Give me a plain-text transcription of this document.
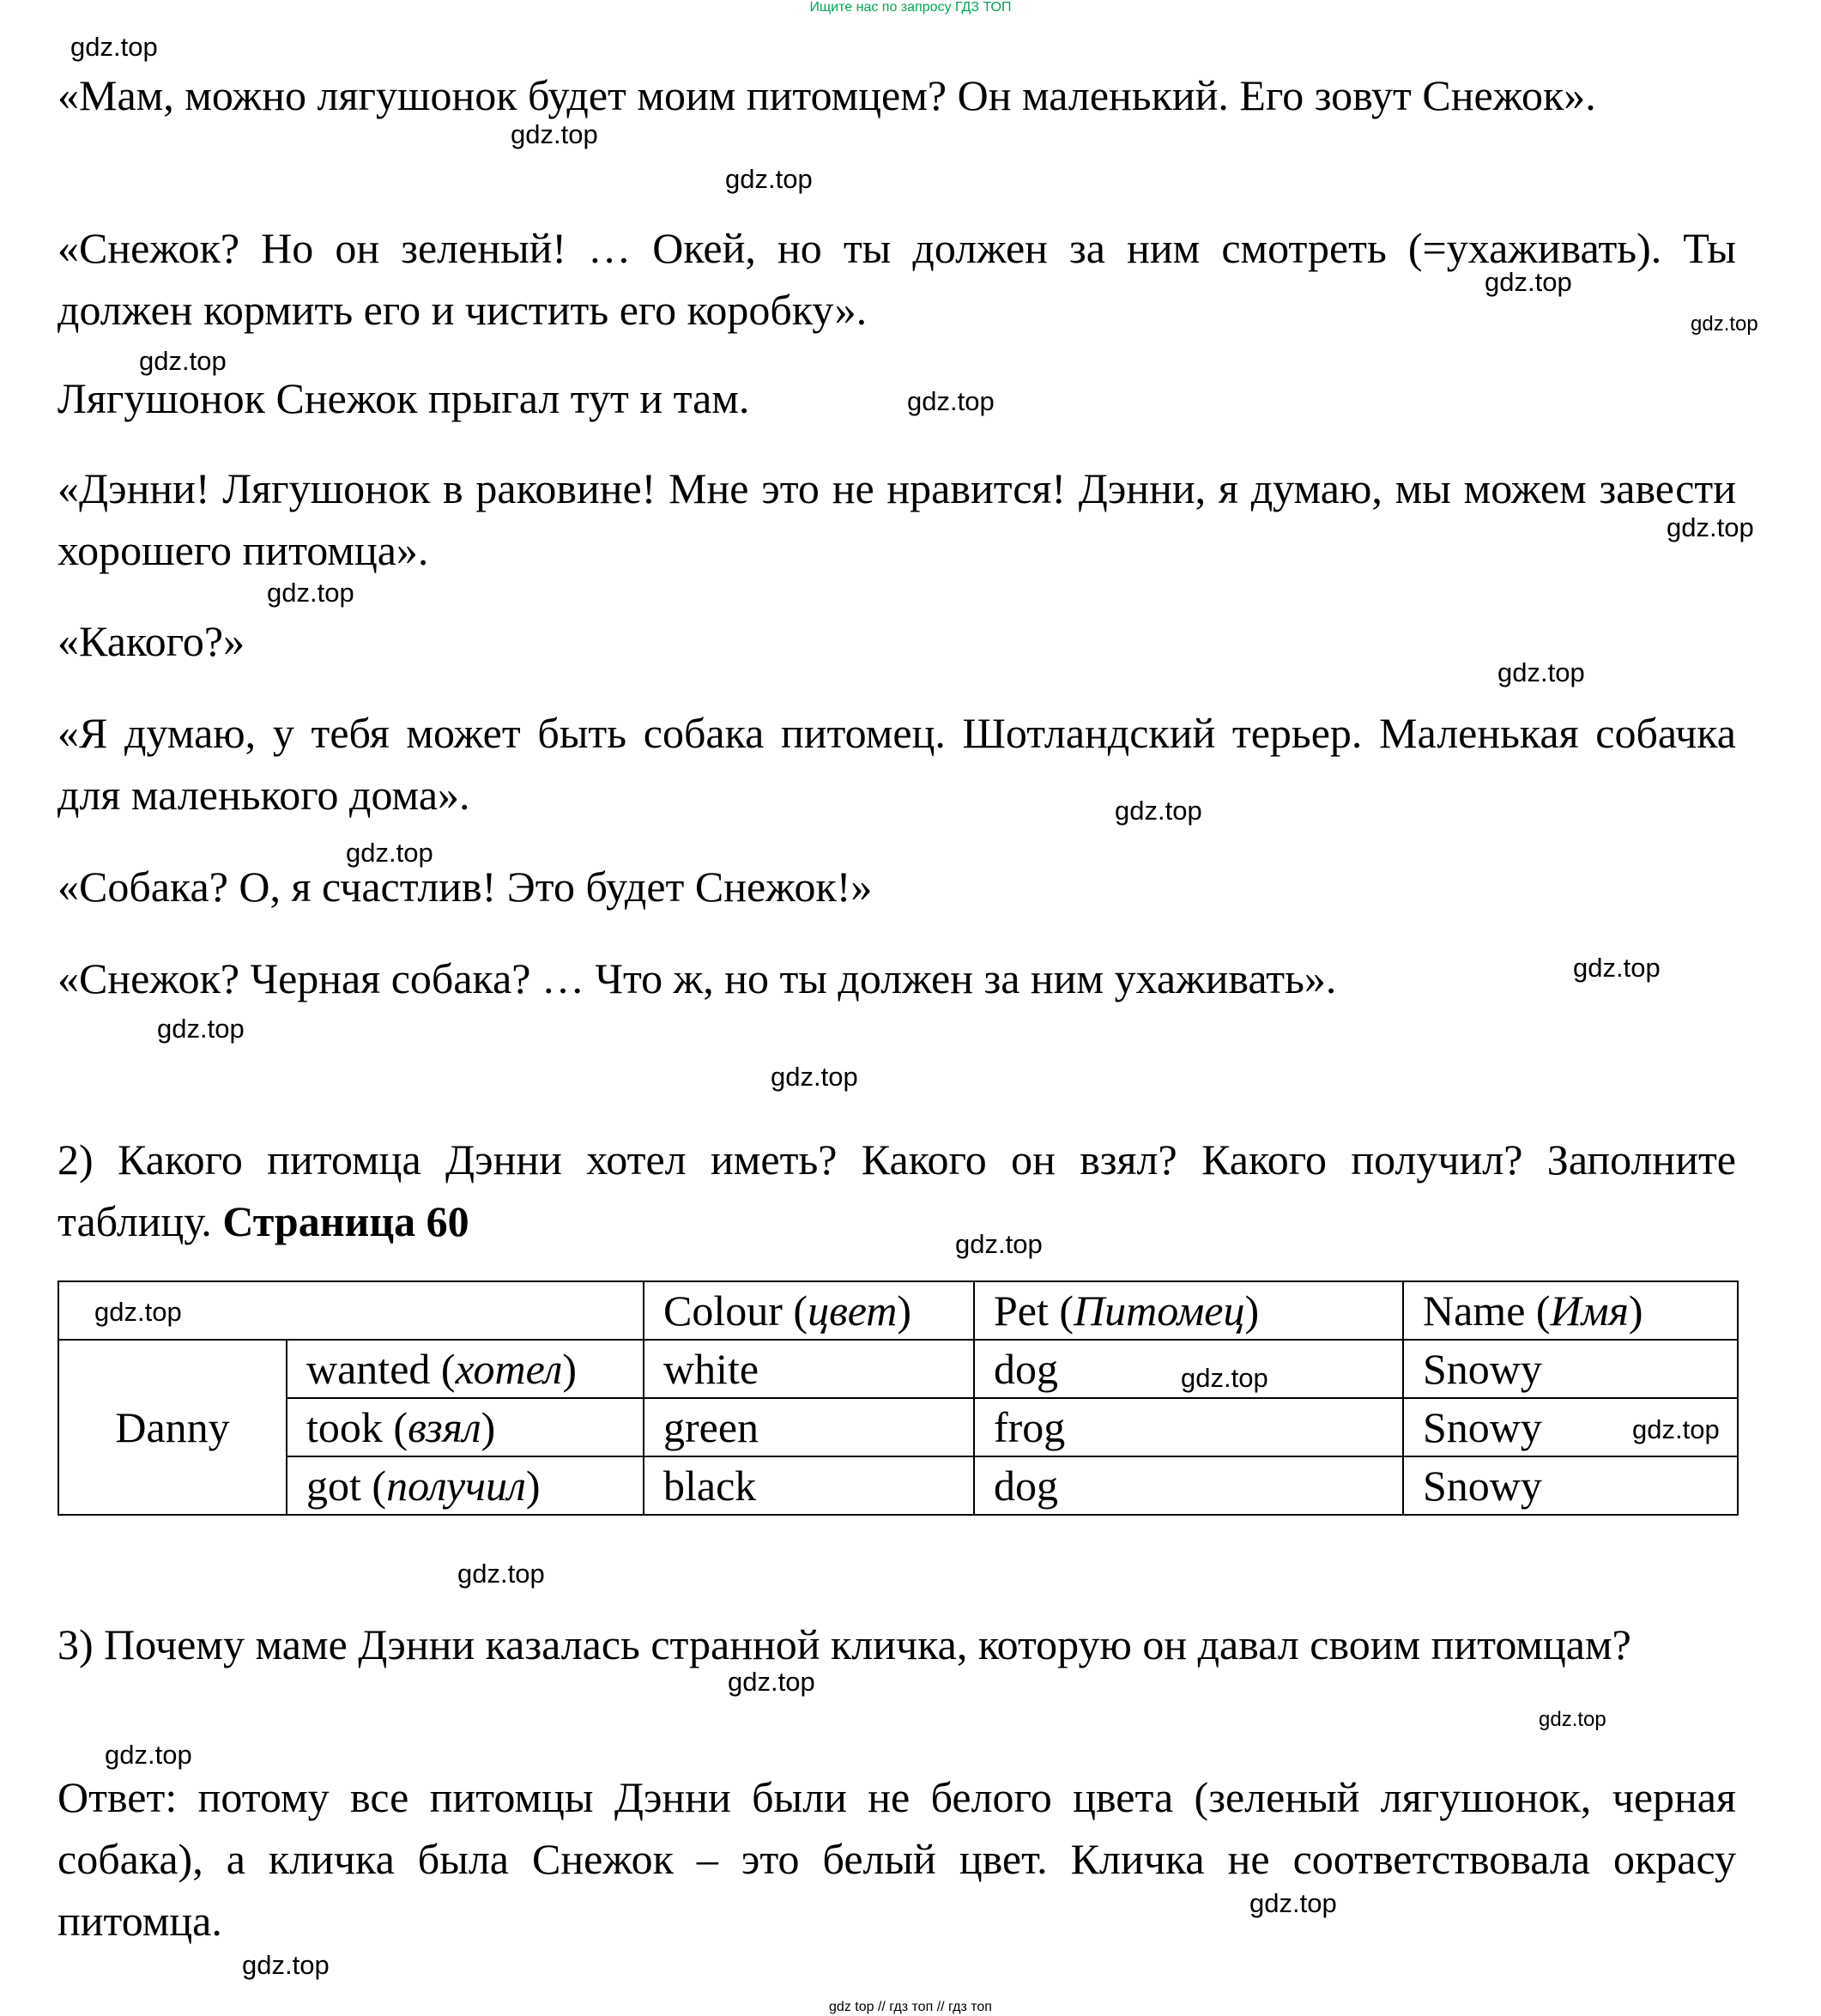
Ищите нас по запросу ГДЗ ТОП
«Мам, можно лягушонок будет моим питомцем? Он маленький. Его зовут Снежок».
«Снежок? Но он зеленый! … Окей, но ты должен за ним смотреть (=ухаживать). Ты должен кормить его и чистить его коробку».
Лягушонок Снежок прыгал тут и там.
«Дэнни! Лягушонок в раковине! Мне это не нравится! Дэнни, я думаю, мы можем завести хорошего питомца».
«Какого?»
«Я думаю, у тебя может быть собака питомец. Шотландский терьер. Маленькая собачка для маленького дома».
«Собака? О, я счастлив! Это будет Снежок!»
«Снежок? Черная собака? … Что ж, но ты должен за ним ухаживать».
2) Какого питомца Дэнни хотел иметь? Какого он взял? Какого получил? Заполните таблицу. Страница 60
		Colour (цвет)	Pet (Питомец)	Name (Имя)
Danny	wanted (хотел)	white	dog	Snowy
	took (взял)	green	frog	Snowy
	got (получил)	black	dog	Snowy
3) Почему маме Дэнни казалась странной кличка, которую он давал своим питомцам?
Ответ: потому все питомцы Дэнни были не белого цвета (зеленый лягушонок, черная собака), а кличка была Снежок – это белый цвет. Кличка не соответствовала окрасу питомца.
gdz.top
gdz.top
gdz.top
gdz.top
gdz.top
gdz.top
gdz.top
gdz.top
gdz.top
gdz.top
gdz.top
gdz.top
gdz.top
gdz.top
gdz.top
gdz.top
gdz.top
gdz.top
gdz.top
gdz.top
gdz.top
gdz.top
gdz.top
gdz.top
gdz.top
gdz top // гдз топ // гдз топ
